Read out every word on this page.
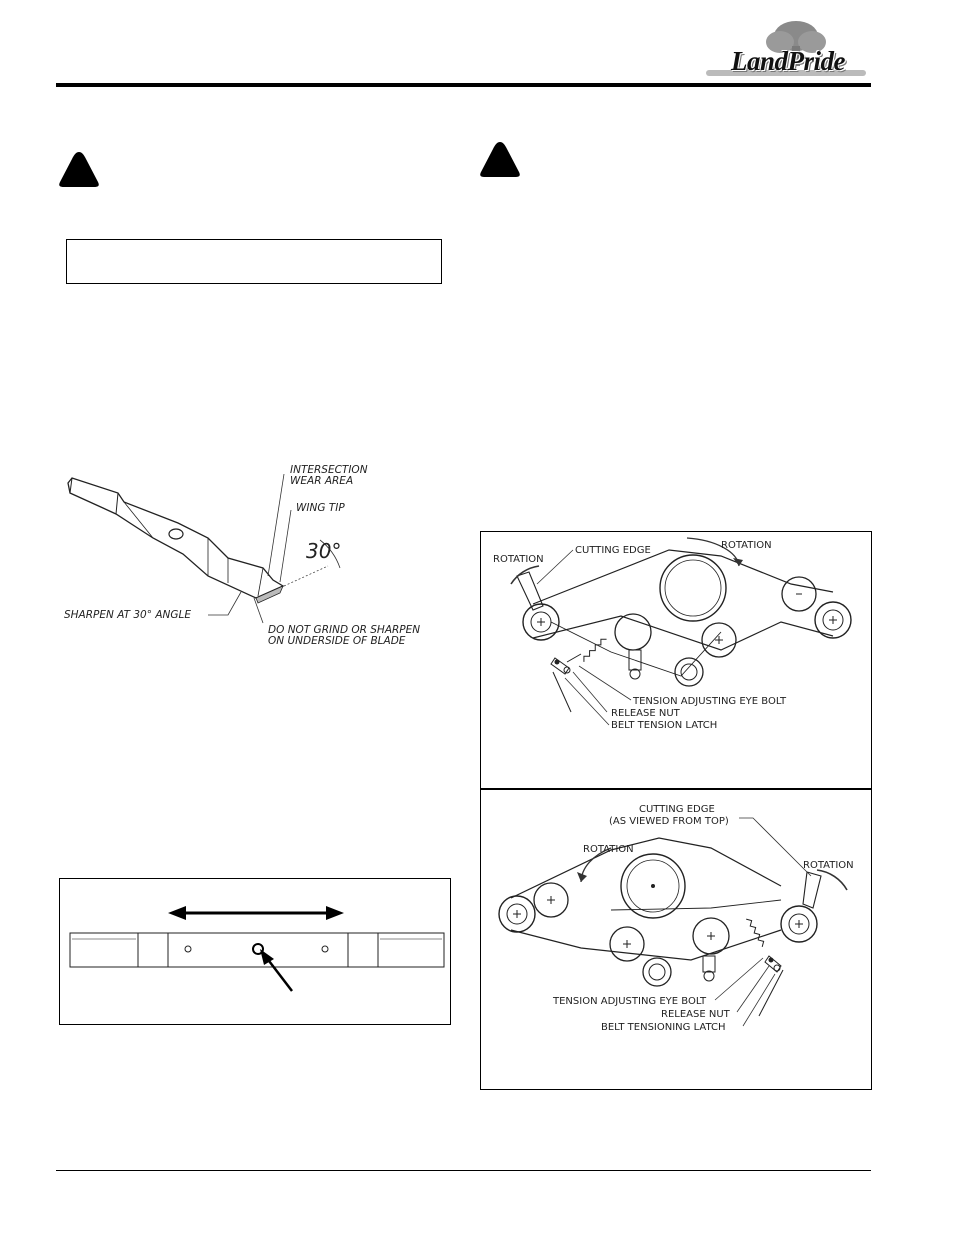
LandPride
INTERSECTION
WEAR AREA
WING TIP
30°
SHARPEN AT 30° ANGLE
DO NOT GRIND OR SHARPEN
ON UNDERSIDE OF BLADE
ROTATION
CUTTING EDGE	ROTATION
TENSION ADJUSTING EYE BOLT
RELEASE NUT
BELT TENSION LATCH
CUTTING EDGE
(AS VIEWED FROM TOP)
ROTATION
ROTATION
TENSION ADJUSTING EYE BOLT
RELEASE NUT
BELT TENSIONING LATCH
